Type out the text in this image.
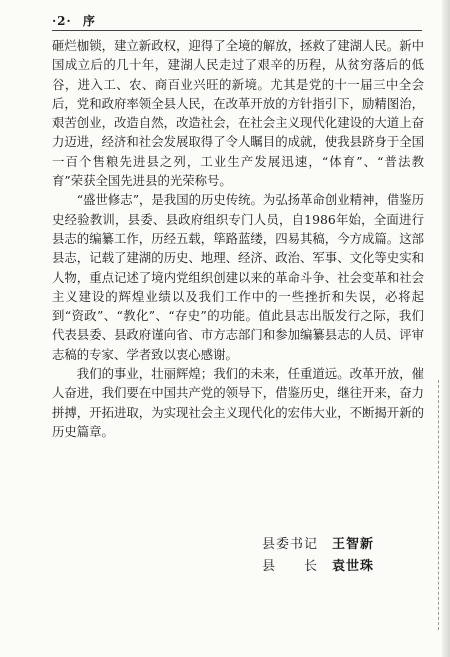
·2· 序

砸烂枷锁，建立新政权，迎得了全境的解放，拯救了建湖人民。新中国成立后的几十年，建湖人民走过了艰辛的历程，从贫穷落后的低谷，进入工、农、商百业兴旺的新境。尤其是党的十一届三中全会后，党和政府率领全县人民，在改革开放的方针指引下，励精图治，艰苦创业，改造自然，改造社会，在社会主义现代化建设的大道上奋力迈进，经济和社会发展取得了令人瞩目的成就，使我县跻身于全国一百个售粮先进县之列，工业生产发展迅速，“体育”、“普法教育”荣获全国先进县的光荣称号。

“盛世修志”，是我国的历史传统。为弘扬革命创业精神，借鉴历史经验教训，县委、县政府组织专门人员，自1986年始，全面进行县志的编纂工作，历经五载，筚路蓝缕，四易其稿，今方成篇。这部县志，记载了建湖的历史、地理、经济、政治、军事、文化等史实和人物，重点记述了境内党组织创建以来的革命斗争、社会变革和社会主义建设的辉煌业绩以及我们工作中的一些挫折和失误，必将起到“资政”、“教化”、“存史”的功能。值此县志出版发行之际，我们代表县委、县政府谨向省、市方志部门和参加编纂县志的人员、评审志稿的专家、学者致以衷心感谢。

我们的事业，壮丽辉煌；我们的未来，任重道远。改革开放，催人奋进，我们要在中国共产党的领导下，借鉴历史，继往开来，奋力拼搏，开拓进取，为实现社会主义现代化的宏伟大业，不断揭开新的历史篇章。

县委书记 王智新
县　　长 袁世珠
